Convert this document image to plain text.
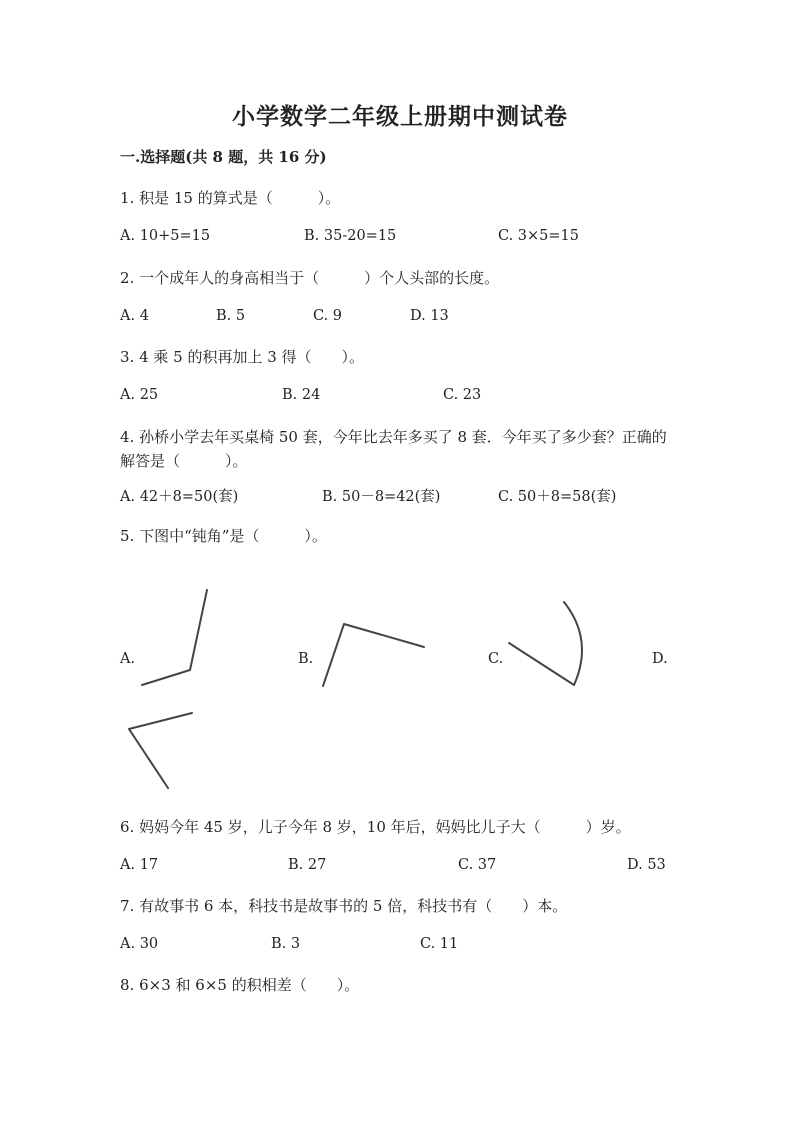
小学数学二年级上册期中测试卷
一.选择题(共 8 题，共 16 分)
1. 积是 15 的算式是（　　　）。
A. 10+5=15	B. 35-20=15	C. 3×5=15
2. 一个成年人的身高相当于（　　　）个人头部的长度。
A. 4	B. 5	C. 9	D. 13
3. 4 乘 5 的积再加上 3 得（　　）。
A. 25	B. 24	C. 23
4. 孙桥小学去年买桌椅 50 套，今年比去年多买了 8 套．今年买了多少套？正确的解答是（　　　）。
A. 42＋8=50(套)	B. 50－8=42(套)	C. 50＋8=58(套)
5. 下图中“钝角”是（　　　）。
A.	B.	C.	D.
6. 妈妈今年 45 岁，儿子今年 8 岁，10 年后，妈妈比儿子大（　　　）岁。
A. 17	B. 27	C. 37	D. 53
7. 有故事书 6 本，科技书是故事书的 5 倍，科技书有（　　）本。
A. 30	B. 3	C. 11
8. 6×3 和 6×5 的积相差（　　）。
